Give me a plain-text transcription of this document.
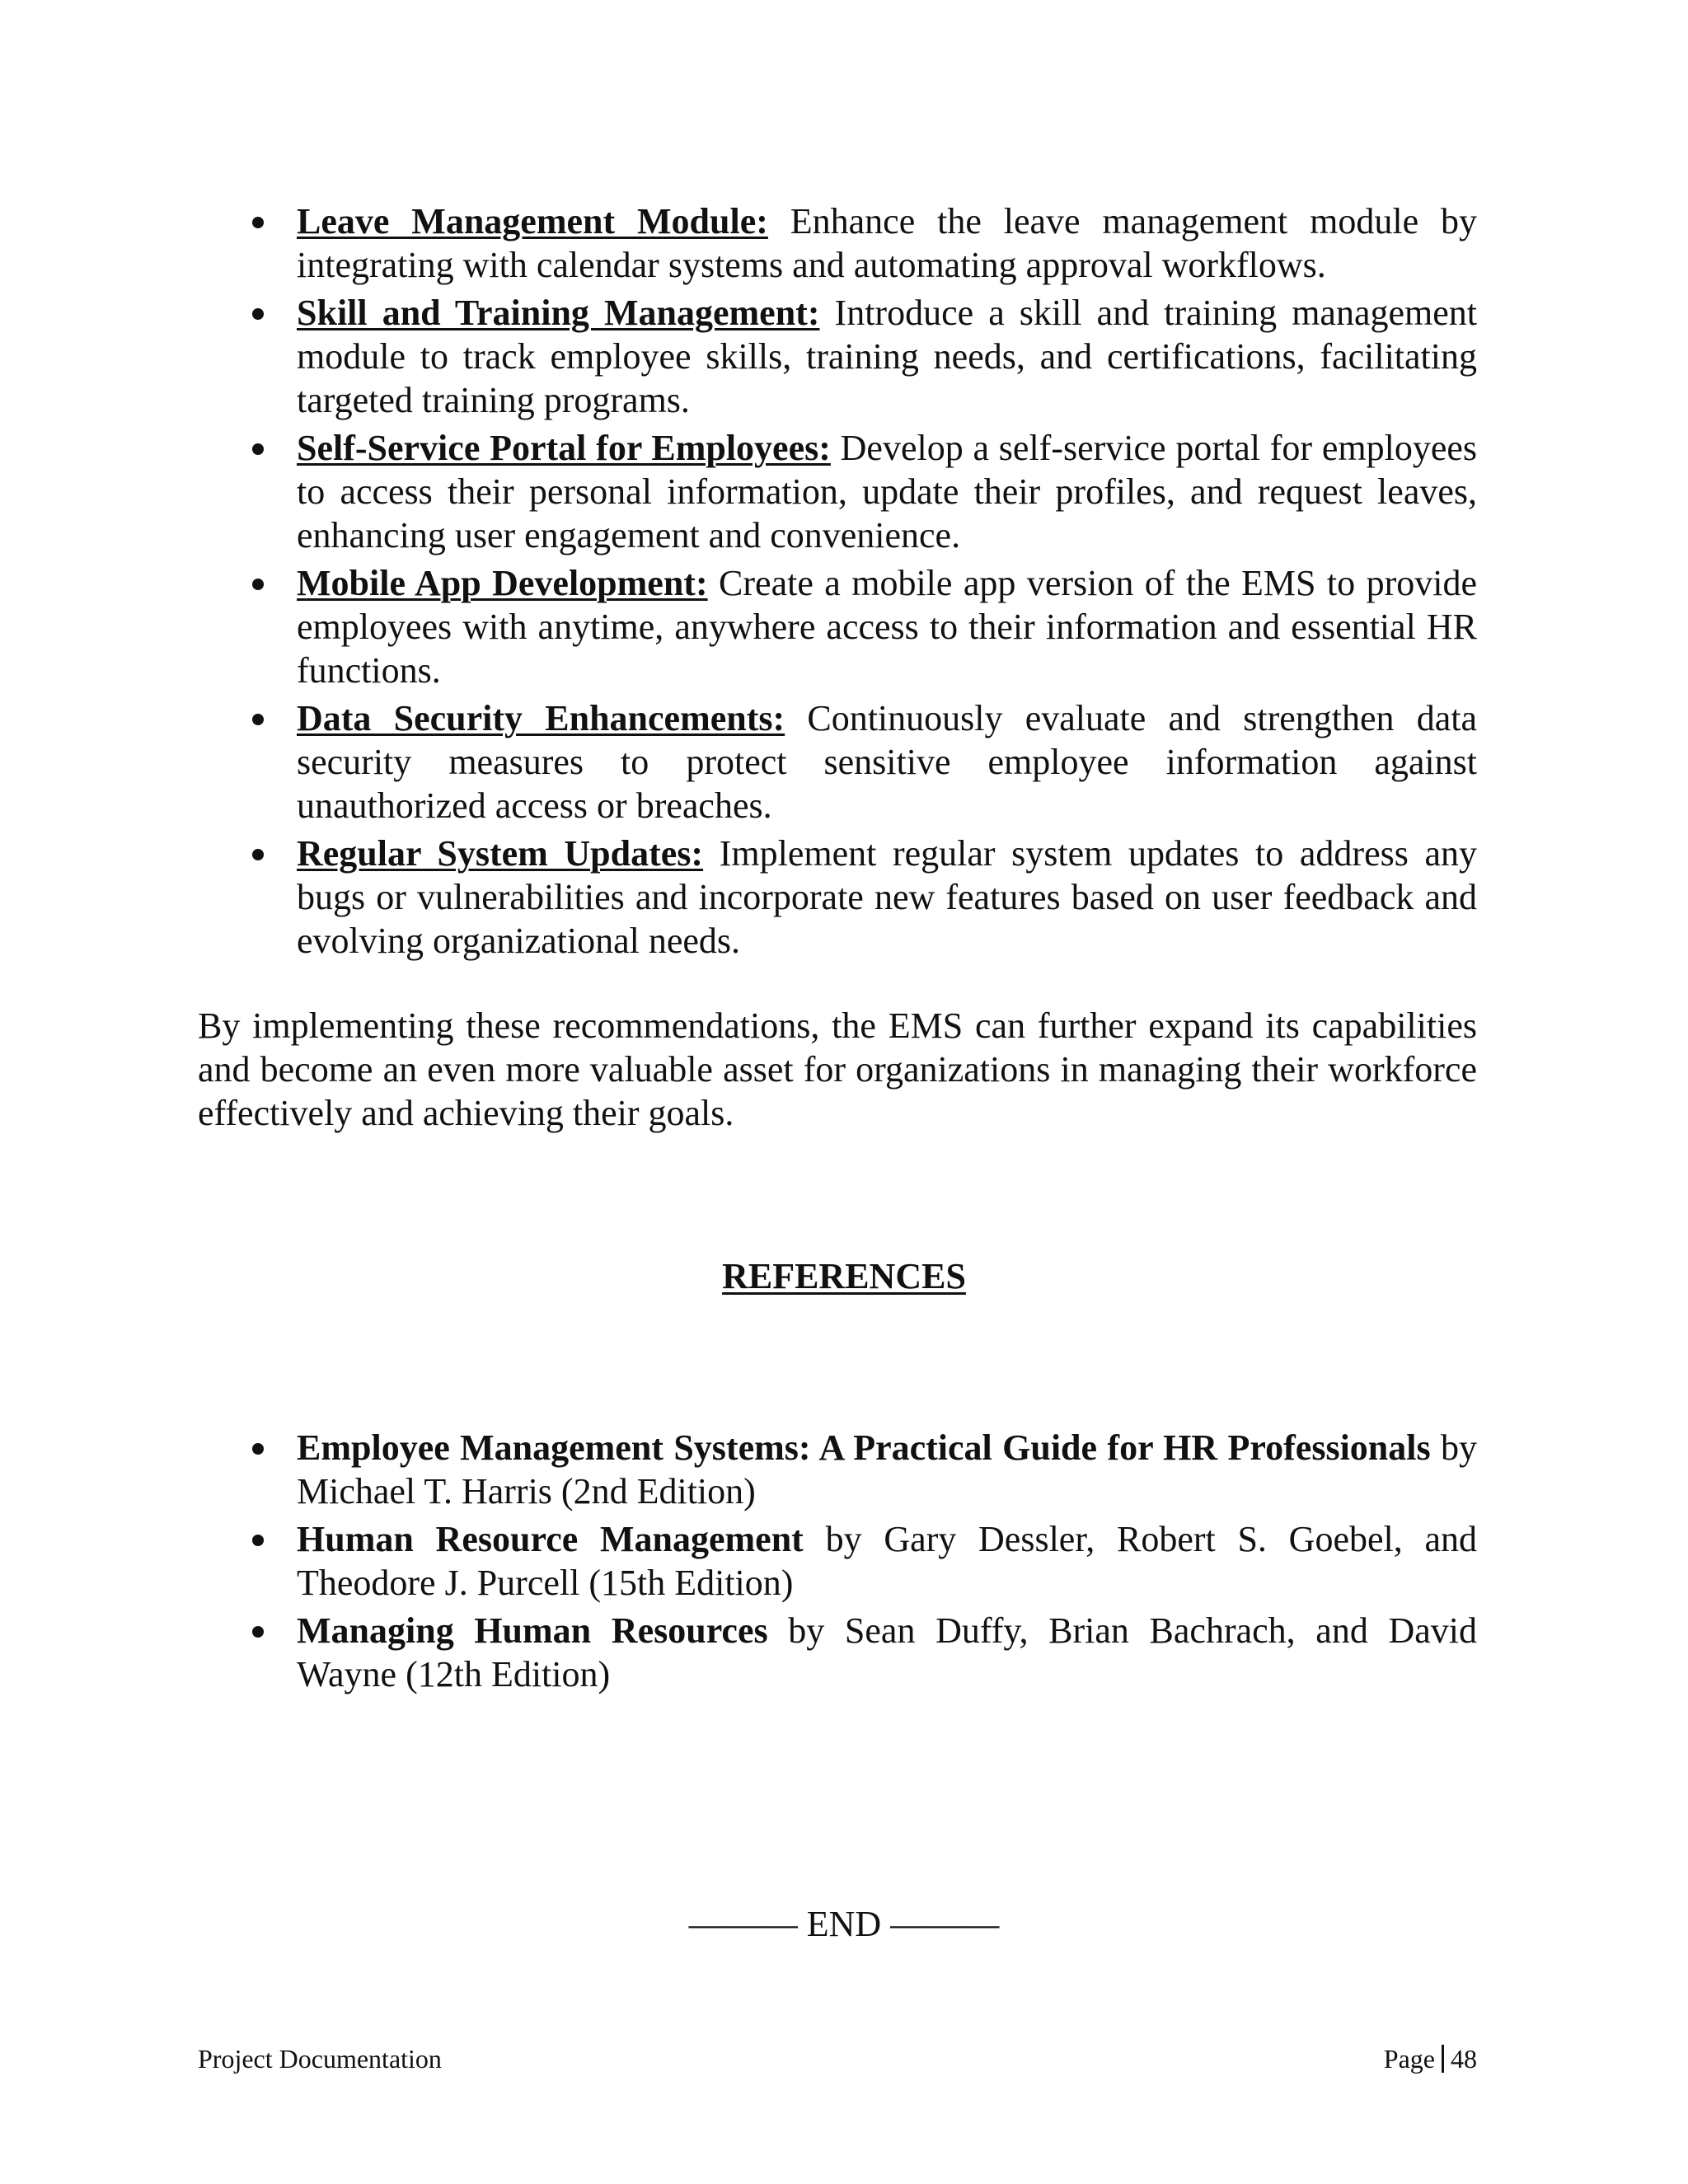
Leave Management Module: Enhance the leave management module by integrating with calendar systems and automating approval workflows.
Skill and Training Management: Introduce a skill and training management module to track employee skills, training needs, and certifications, facilitating targeted training programs.
Self-Service Portal for Employees: Develop a self-service portal for employees to access their personal information, update their profiles, and request leaves, enhancing user engagement and convenience.
Mobile App Development: Create a mobile app version of the EMS to provide employees with anytime, anywhere access to their information and essential HR functions.
Data Security Enhancements: Continuously evaluate and strengthen data security measures to protect sensitive employee information against unauthorized access or breaches.
Regular System Updates: Implement regular system updates to address any bugs or vulnerabilities and incorporate new features based on user feedback and evolving organizational needs.

By implementing these recommendations, the EMS can further expand its capabilities and become an even more valuable asset for organizations in managing their workforce effectively and achieving their goals.

REFERENCES
Employee Management Systems: A Practical Guide for HR Professionals by Michael T. Harris (2nd Edition)
Human Resource Management by Gary Dessler, Robert S. Goebel, and Theodore J. Purcell (15th Edition)
Managing Human Resources by Sean Duffy, Brian Bachrach, and David Wayne (12th Edition)
——— END ———
Project Documentation	Page 48
